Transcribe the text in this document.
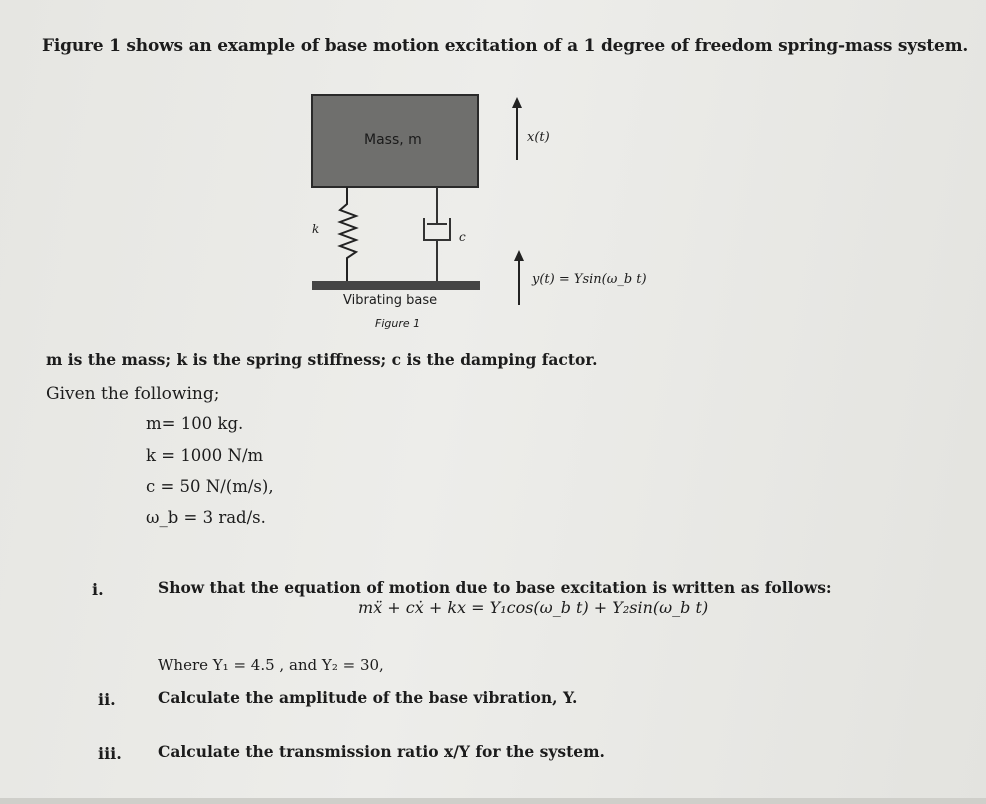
Figure 1 shows an example of base motion excitation of a 1 degree of freedom spring-mass system.
Mass, m
k
c
x(t)
y(t) = Ysin(ω_b t)
Vibrating base
Figure 1
m is the mass; k is the spring stiffness; c is the damping factor.
Given the following;
m= 100 kg.
k = 1000 N/m
c = 50 N/(m/s),
ω_b = 3 rad/s.
i.	Show that the equation of motion due to base excitation is written as follows:
mẍ + cẋ + kx = Y₁cos(ω_b t) + Y₂sin(ω_b t)
Where Y₁ = 4.5 , and Y₂ = 30,
ii.	Calculate the amplitude of the base vibration, Y.
iii. Calculate the transmission ratio x/Y for the system.
